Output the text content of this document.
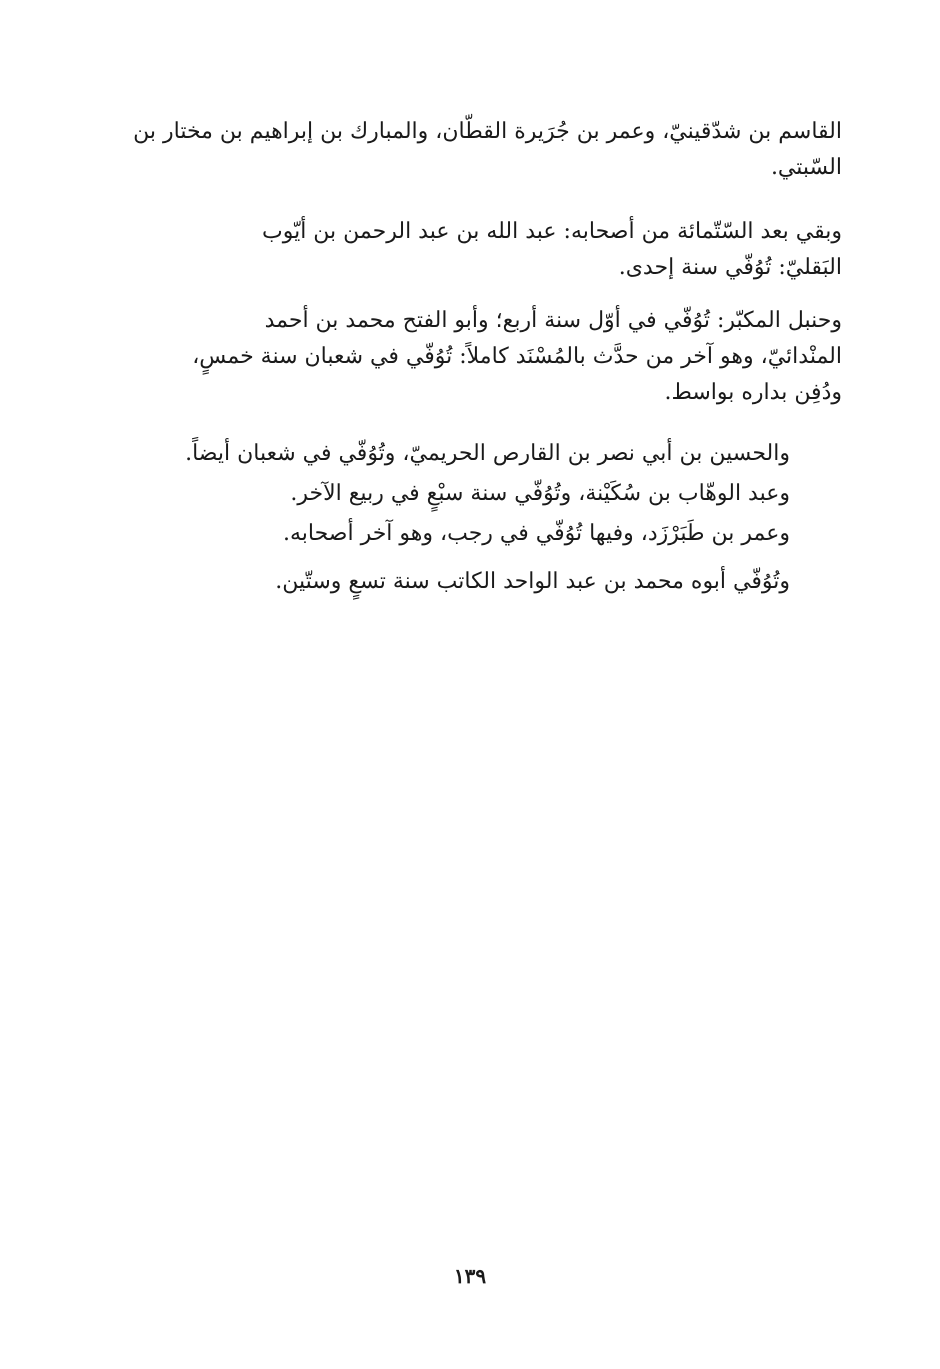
القاسم بن شدّقينيّ، وعمر بن جُرَيرة القطّان، والمبارك بن إبراهيم بن مختار بن

السّبتي.

وبقي بعد السّتّمائة من أصحابه: عبد الله بن عبد الرحمن بن أيّوب

البَقليّ: تُوُفّي سنة إحدى.

وحنبل المكبّر: تُوُفّي في أوّل سنة أربع؛ وأبو الفتح محمد بن أحمد

المنْدائيّ، وهو آخر من حدَّث بالمُسْنَد كاملاً: تُوُفّي في شعبان سنة خمسٍ،

ودُفِن بداره بواسط.

والحسين بن أبي نصر بن القارص الحريميّ، وتُوُفّي في شعبان أيضاً.

وعبد الوهّاب بن سُكَيْنة، وتُوُفّي سنة سبْعٍ في ربيع الآخر.

وعمر بن طَبَرْزَد، وفيها تُوُفّي في رجب، وهو آخر أصحابه.

وتُوُفّي أبوه محمد بن عبد الواحد الكاتب سنة تسعٍ وستّين.

١٣٩
